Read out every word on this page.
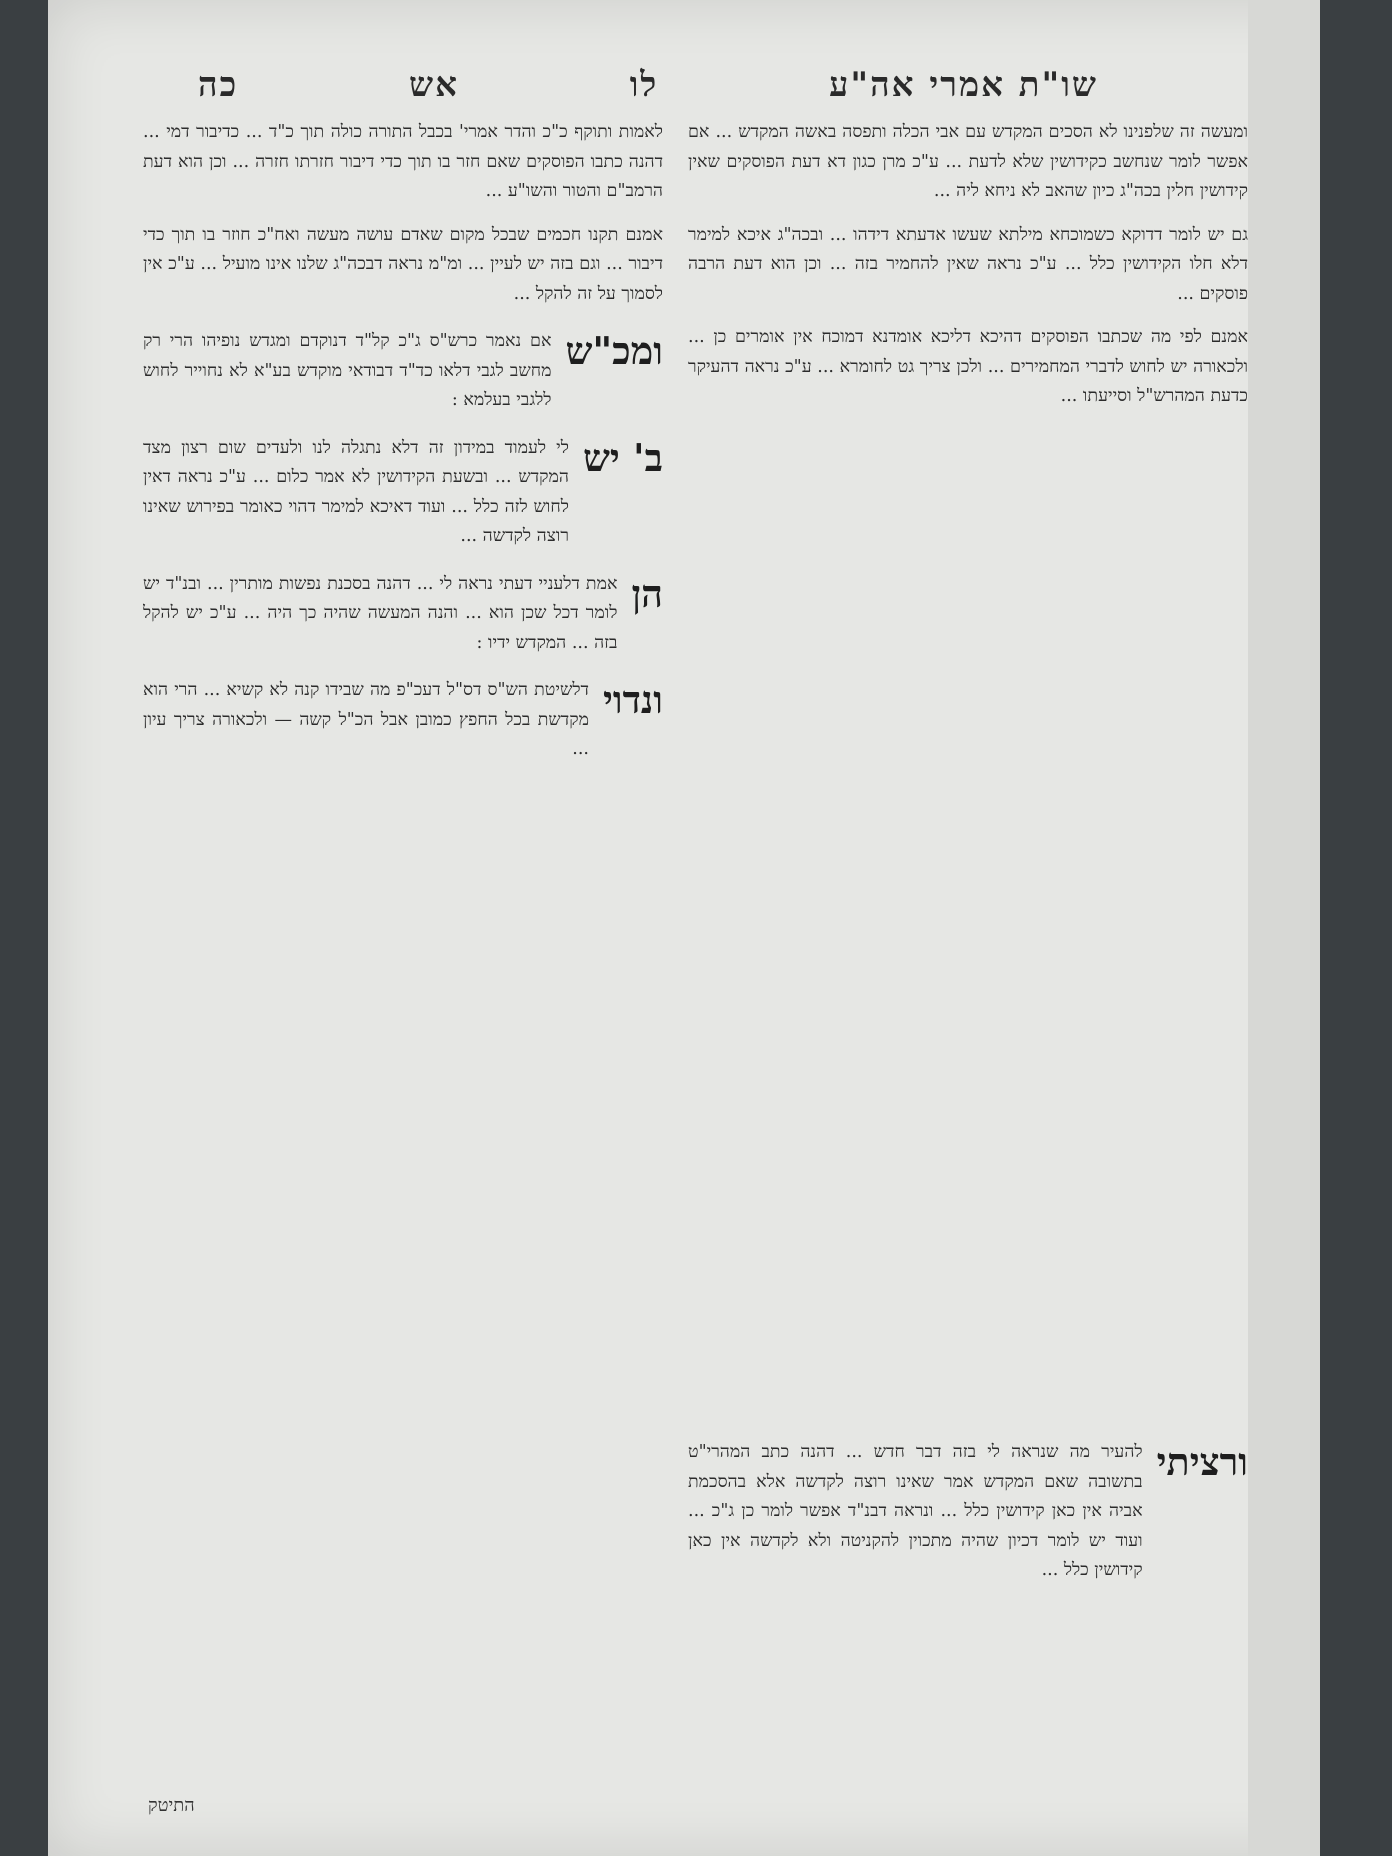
שו"ת אמרי אה"ע
לו
אש
כה

ומעשה זה שלפנינו לא הסכים המקדש עם אבי הכלה ותפסה באשה המקדש ... אם אפשר לומר שנחשב כקידושין שלא לדעת ... ע"כ מרן כגון דא דעת הפוסקים שאין קידושין חלין בכה"ג כיון שהאב לא ניחא ליה ...

גם יש לומר דדוקא כשמוכחא מילתא שעשו אדעתא דידהו ... ובכה"ג איכא למימר דלא חלו הקידושין כלל ... ע"כ נראה שאין להחמיר בזה ... וכן הוא דעת הרבה פוסקים ...

אמנם לפי מה שכתבו הפוסקים דהיכא דליכא אומדנא דמוכח אין אומרים כן ... ולכאורה יש לחוש לדברי המחמירים ... ולכן צריך גט לחומרא ... ע"כ נראה דהעיקר כדעת המהרש"ל וסייעתו ...

ורציתי
להעיר מה שנראה לי בזה דבר חדש ... דהנה כתב המהרי"ט בתשובה שאם המקדש אמר שאינו רוצה לקדשה אלא בהסכמת אביה אין כאן קידושין כלל ... ונראה דבנ"ד אפשר לומר כן ג"כ ... ועוד יש לומר דכיון שהיה מתכוין להקניטה ולא לקדשה אין כאן קידושין כלל ...

לאמות ותוקף כ"כ והדר אמרי' בכבל התורה כולה תוך כ"ד ... כדיבור דמי ... דהנה כתבו הפוסקים שאם חזר בו תוך כדי דיבור חזרתו חזרה ... וכן הוא דעת הרמב"ם והטור והשו"ע ...

אמנם תקנו חכמים שבכל מקום שאדם עושה מעשה ואח"כ חוזר בו תוך כדי דיבור ... וגם בזה יש לעיין ... ומ"מ נראה דבכה"ג שלנו אינו מועיל ... ע"כ אין לסמוך על זה להקל ...

ומכ"ש
אם נאמר כרש"ס ג"כ קל"ד דנוקדם ומגדש נופיהו הרי רק מחשב לגבי דלאו כד"ד דבודאי מוקדש בע"א לא נחוייר לחוש ללגבי בעלמא :
ב' יש
לי לעמוד במידון זה דלא נתגלה לנו ולעדים שום רצון מצד המקדש ... ובשעת הקידושין לא אמר כלום ... ע"כ נראה דאין לחוש לזה כלל ... ועוד דאיכא למימר דהוי כאומר בפירוש שאינו רוצה לקדשה ...
הן
אמת דלעניי דעתי נראה לי ... דהנה בסכנת נפשות מותרין ... ובנ"ד יש לומר דכל שכן הוא ... והנה המעשה שהיה כך היה ... ע"כ יש להקל בזה ... המקדש ידיו :
ונדוי
דלשיטת הש"ס דס"ל דעכ"פ מה שבידו קנה לא קשיא ... הרי הוא מקדשת בכל החפץ כמובן אבל הכ"ל קשה — ולכאורה צריך עיון ...
התיטק
